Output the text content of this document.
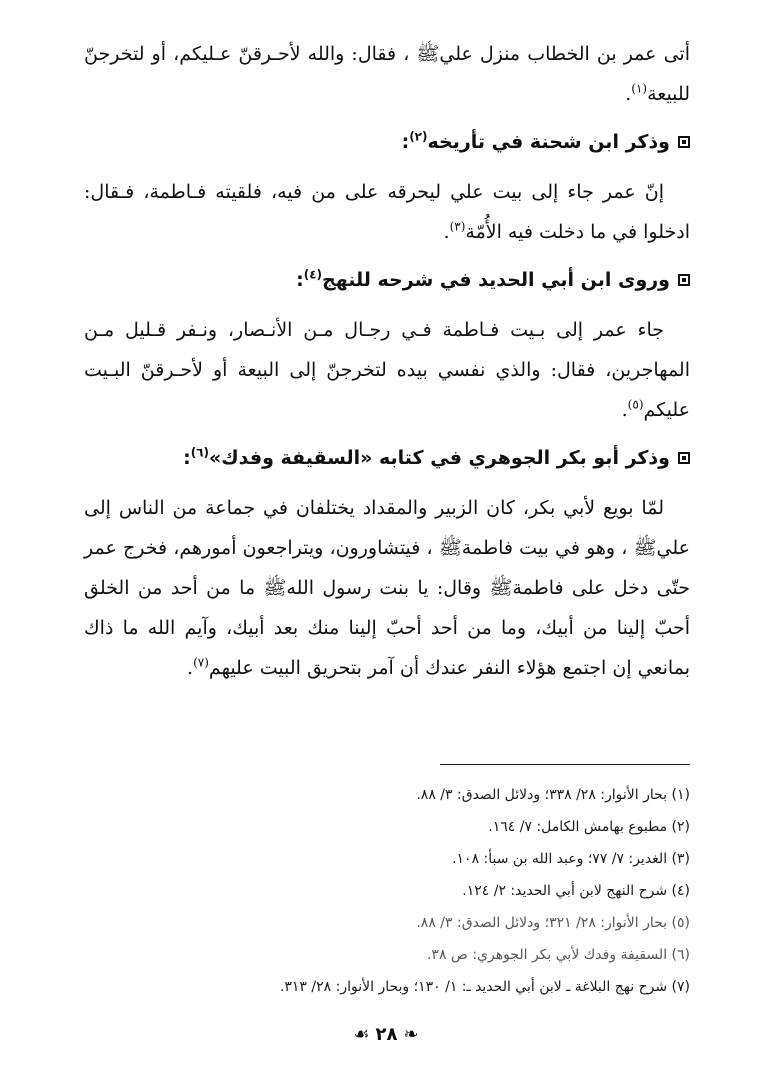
أتى عمر بن الخطاب منزل عليﷺ ، فقال: والله لأحـرقنّ عـليكم، أو لتخرجنّ للبيعة$^{(١)}$.

وذكر ابن شحنة في تأريخه$^{(٢)}$:

إنّ عمر جاء إلى بيت علي ليحرقه على من فيه، فلقيته فـاطمة، فـقال: ادخلوا في ما دخلت فيه الأُمّة$^{(٣)}$.

وروى ابن أبي الحديد في شرحه للنهج$^{(٤)}$:

جاء عمر إلى بـيت فـاطمة فـي رجـال مـن الأنـصار، ونـفر قـليل مـن المهاجرين، فقال: والذي نفسي بيده لتخرجنّ إلى البيعة أو لأحـرقنّ البـيت عليكم$^{(٥)}$.

وذكر أبو بكر الجوهري في كتابه «السقيفة وفدك»$^{(٦)}$:

لمّا بويع لأبي بكر، كان الزبير والمقداد يختلفان في جماعة من الناس إلى عليﷺ ، وهو في بيت فاطمةﷺ ، فيتشاورون، ويتراجعون أمورهم، فخرج عمر حتّى دخل على فاطمةﷺ وقال: يا بنت رسول اللهﷺ ما من أحد من الخلق أحبّ إلينا من أبيك، وما من أحد أحبّ إلينا منك بعد أبيك، وآيم الله ما ذاك بمانعي إن اجتمع هؤلاء النفر عندك أن آمر بتحريق البيت عليهم$^{(٧)}$.

(١) بحار الأنوار: ٢٨/ ٣٣٨؛ ودلائل الصدق: ٣/ ٨٨.
(٢) مطبوع بهامش الكامل: ٧/ ١٦٤.
(٣) الغدير: ٧/ ٧٧؛ وعبد الله بن سبأ: ١٠٨.
(٤) شرح النهج لابن أبي الحديد: ٢/ ١٢٤.
(٥) بحار الأنوار: ٢٨/ ٣٢١؛ ودلائل الصدق: ٣/ ٨٨.
(٦) السقيفة وفدك لأبي بكر الجوهري: ص ٣٨.
(٧) شرح نهج البلاغة ـ لابن أبي الحديد ـ: ١/ ١٣٠؛ وبحار الأنوار: ٢٨/ ٣١٣.
❧٢٨☙
